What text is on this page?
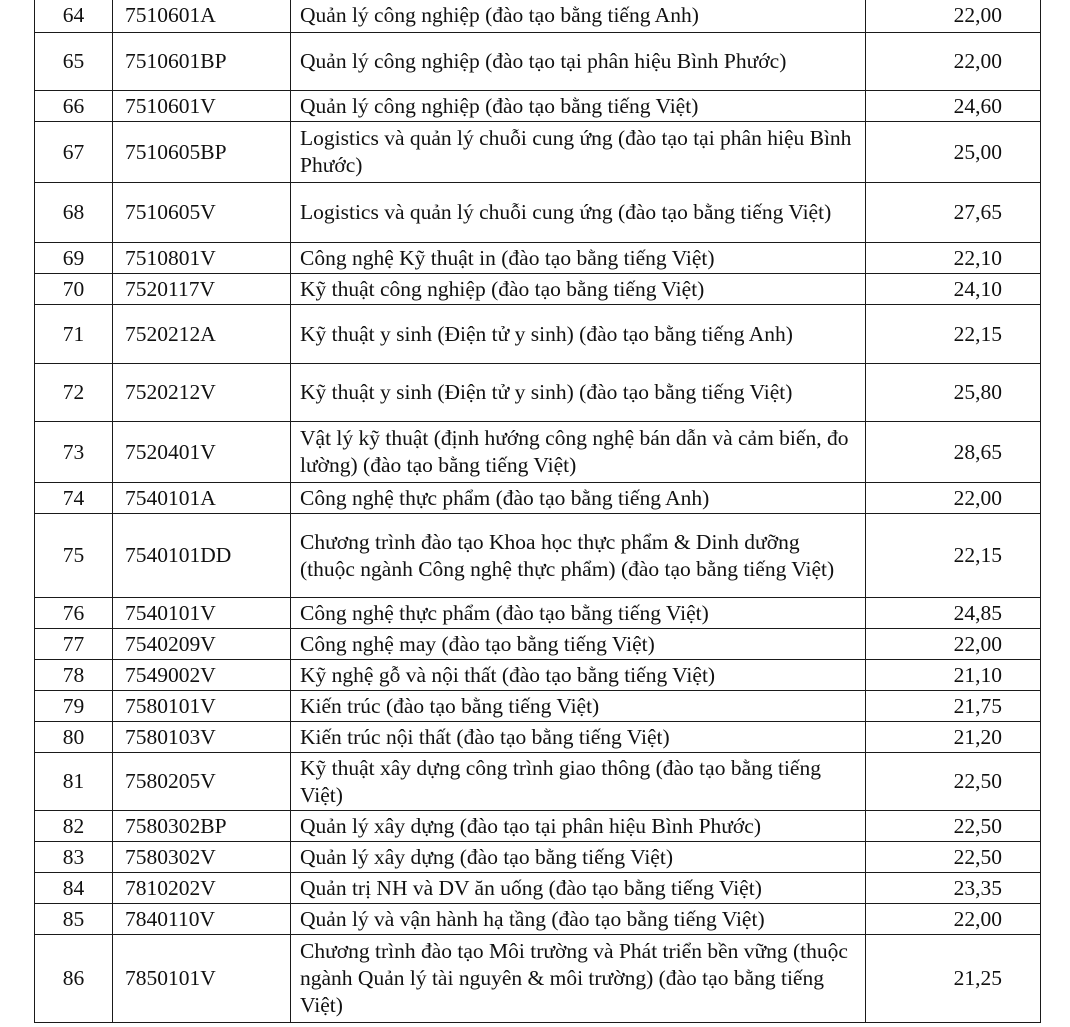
64	7510601A	Quản lý công nghiệp (đào tạo bằng tiếng Anh)	22,00
65	7510601BP	Quản lý công nghiệp (đào tạo tại phân hiệu Bình Phước)	22,00
66	7510601V	Quản lý công nghiệp (đào tạo bằng tiếng Việt)	24,60
67	7510605BP	Logistics và quản lý chuỗi cung ứng (đào tạo tại phân hiệu Bình Phước)	25,00
68	7510605V	Logistics và quản lý chuỗi cung ứng (đào tạo bằng tiếng Việt)	27,65
69	7510801V	Công nghệ Kỹ thuật in (đào tạo bằng tiếng Việt)	22,10
70	7520117V	Kỹ thuật công nghiệp (đào tạo bằng tiếng Việt)	24,10
71	7520212A	Kỹ thuật y sinh (Điện tử y sinh) (đào tạo bằng tiếng Anh)	22,15
72	7520212V	Kỹ thuật y sinh (Điện tử y sinh) (đào tạo bằng tiếng Việt)	25,80
73	7520401V	Vật lý kỹ thuật (định hướng công nghệ bán dẫn và cảm biến, đo lường) (đào tạo bằng tiếng Việt)	28,65
74	7540101A	Công nghệ thực phẩm (đào tạo bằng tiếng Anh)	22,00
75	7540101DD	Chương trình đào tạo Khoa học thực phẩm & Dinh dưỡng (thuộc ngành Công nghệ thực phẩm) (đào tạo bằng tiếng Việt)	22,15
76	7540101V	Công nghệ thực phẩm (đào tạo bằng tiếng Việt)	24,85
77	7540209V	Công nghệ may (đào tạo bằng tiếng Việt)	22,00
78	7549002V	Kỹ nghệ gỗ và nội thất (đào tạo bằng tiếng Việt)	21,10
79	7580101V	Kiến trúc (đào tạo bằng tiếng Việt)	21,75
80	7580103V	Kiến trúc nội thất (đào tạo bằng tiếng Việt)	21,20
81	7580205V	Kỹ thuật xây dựng công trình giao thông (đào tạo bằng tiếng Việt)	22,50
82	7580302BP	Quản lý xây dựng (đào tạo tại phân hiệu Bình Phước)	22,50
83	7580302V	Quản lý xây dựng (đào tạo bằng tiếng Việt)	22,50
84	7810202V	Quản trị NH và DV ăn uống (đào tạo bằng tiếng Việt)	23,35
85	7840110V	Quản lý và vận hành hạ tầng (đào tạo bằng tiếng Việt)	22,00
86	7850101V	Chương trình đào tạo Môi trường và Phát triển bền vững (thuộc ngành Quản lý tài nguyên & môi trường) (đào tạo bằng tiếng Việt)	21,25
